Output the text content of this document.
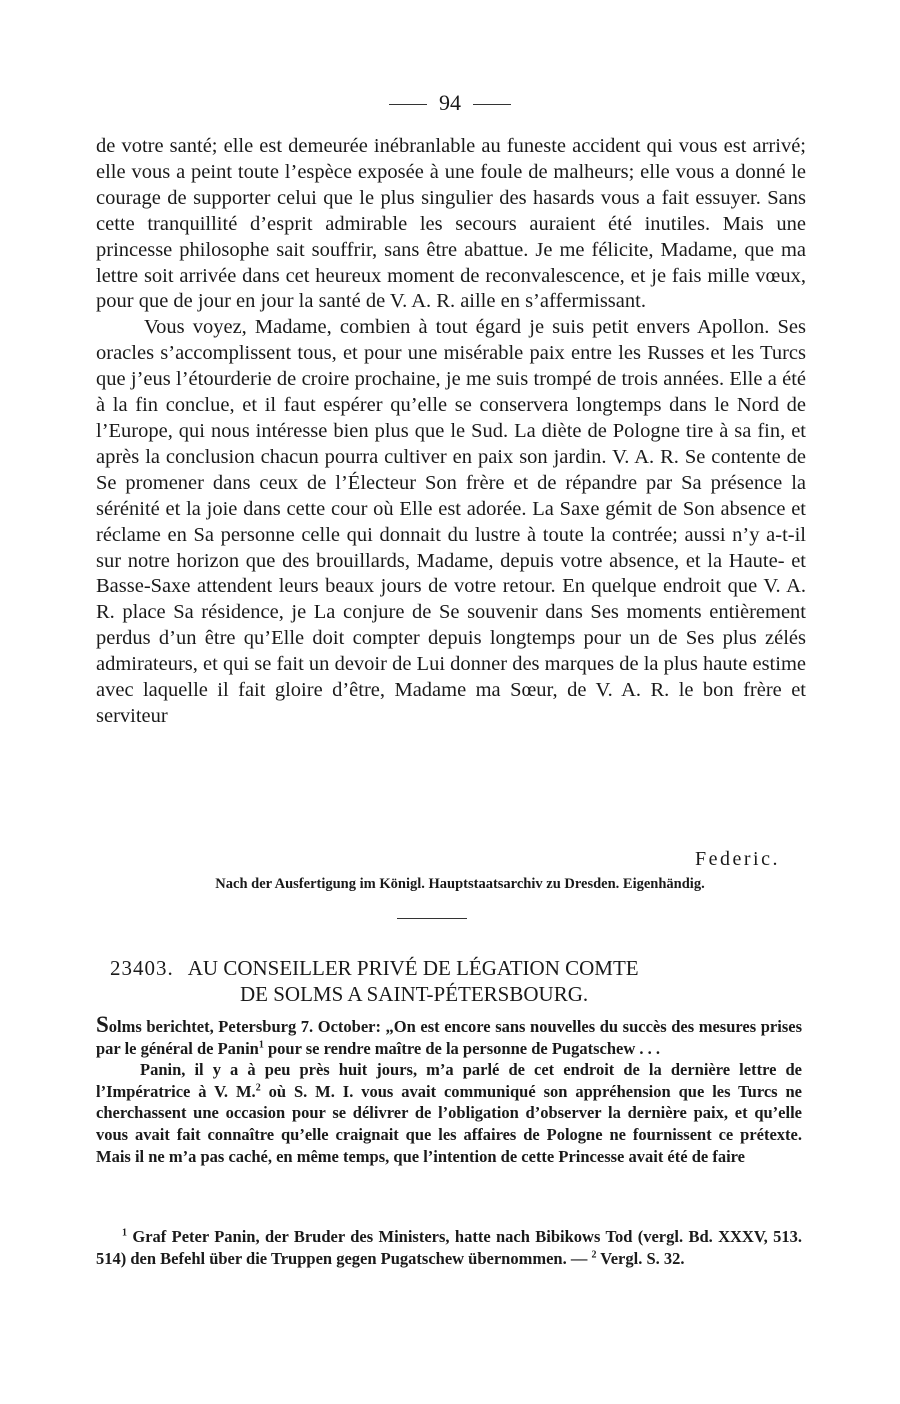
94

de votre santé; elle est demeurée inébranlable au funeste accident qui vous est arrivé; elle vous a peint toute l’espèce exposée à une foule de malheurs; elle vous a donné le courage de supporter celui que le plus singulier des hasards vous a fait essuyer. Sans cette tranquillité d’esprit admirable les secours auraient été inutiles. Mais une princesse philosophe sait souffrir, sans être abattue. Je me félicite, Madame, que ma lettre soit arrivée dans cet heureux moment de reconvalescence, et je fais mille vœux, pour que de jour en jour la santé de V. A. R. aille en s’affermissant.

Vous voyez, Madame, combien à tout égard je suis petit envers Apollon. Ses oracles s’accomplissent tous, et pour une misérable paix entre les Russes et les Turcs que j’eus l’étourderie de croire prochaine, je me suis trompé de trois années. Elle a été à la fin conclue, et il faut espérer qu’elle se conservera longtemps dans le Nord de l’Europe, qui nous intéresse bien plus que le Sud. La diète de Pologne tire à sa fin, et après la conclusion chacun pourra cultiver en paix son jardin. V. A. R. Se contente de Se promener dans ceux de l’Électeur Son frère et de répandre par Sa présence la sérénité et la joie dans cette cour où Elle est adorée. La Saxe gémit de Son absence et réclame en Sa personne celle qui donnait du lustre à toute la contrée; aussi n’y a-t-il sur notre horizon que des brouillards, Madame, depuis votre absence, et la Haute- et Basse-Saxe attendent leurs beaux jours de votre retour. En quelque endroit que V. A. R. place Sa résidence, je La conjure de Se souvenir dans Ses moments entièrement perdus d’un être qu’Elle doit compter depuis longtemps pour un de Ses plus zélés admirateurs, et qui se fait un devoir de Lui donner des marques de la plus haute estime avec laquelle il fait gloire d’être, Madame ma Sœur, de V. A. R. le bon frère et serviteur

Federic.
Nach der Ausfertigung im Königl. Hauptstaatsarchiv zu Dresden. Eigenhändig.
23403. AU CONSEILLER PRIVÉ DE LÉGATION COMTE
DE SOLMS A SAINT-PÉTERSBOURG.

Solms berichtet, Petersburg 7. October: „On est encore sans nouvelles du succès des mesures prises par le général de Panin$^1$ pour se rendre maître de la personne de Pugatschew . . .

Panin, il y a à peu près huit jours, m’a parlé de cet endroit de la dernière lettre de l’Impératrice à V. M.$^2$ où S. M. I. vous avait communiqué son appréhension que les Turcs ne cherchassent une occasion pour se délivrer de l’obligation d’observer la dernière paix, et qu’elle vous avait fait connaître qu’elle craignait que les affaires de Pologne ne fournissent ce prétexte. Mais il ne m’a pas caché, en même temps, que l’intention de cette Princesse avait été de faire

$^1$ Graf Peter Panin, der Bruder des Ministers, hatte nach Bibikows Tod (vergl. Bd. XXXV, 513. 514) den Befehl über die Truppen gegen Pugatschew übernommen. — $^2$ Vergl. S. 32.
